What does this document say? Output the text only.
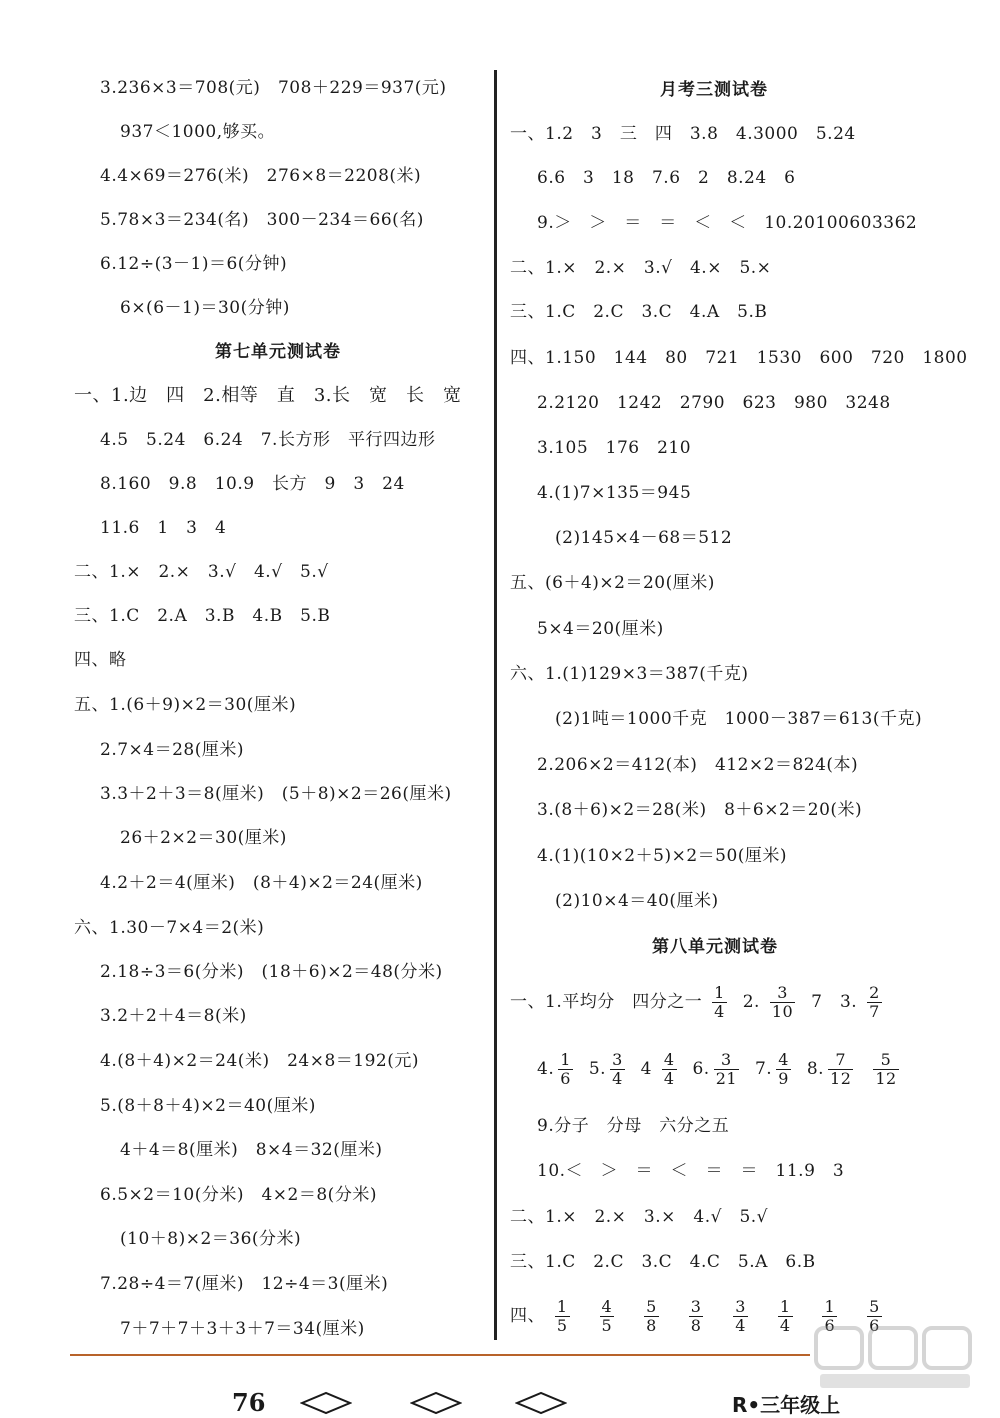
3.236×3＝708(元)　708＋229＝937(元)
937＜1000,够买。
4.4×69＝276(米)　276×8＝2208(米)
5.78×3＝234(名)　300－234＝66(名)
6.12÷(3－1)＝6(分钟)
6×(6－1)＝30(分钟)
第七单元测试卷
一、1.边　四　2.相等　直　3.长　宽　长　宽
4.5　5.24　6.24　7.长方形　平行四边形
8.160　9.8　10.9　长方　9　3　24
11.6　1　3　4
二、1.×　2.×　3.√　4.√　5.√
三、1.C　2.A　3.B　4.B　5.B
四、略
五、1.(6＋9)×2＝30(厘米)
2.7×4＝28(厘米)
3.3＋2＋3＝8(厘米)　(5＋8)×2＝26(厘米)
26＋2×2＝30(厘米)
4.2＋2＝4(厘米)　(8＋4)×2＝24(厘米)
六、1.30－7×4＝2(米)
2.18÷3＝6(分米)　(18＋6)×2＝48(分米)
3.2＋2＋4＝8(米)
4.(8＋4)×2＝24(米)　24×8＝192(元)
5.(8＋8＋4)×2＝40(厘米)
4＋4＝8(厘米)　8×4＝32(厘米)
6.5×2＝10(分米)　4×2＝8(分米)
(10＋8)×2＝36(分米)
7.28÷4＝7(厘米)　12÷4＝3(厘米)
7＋7＋7＋3＋3＋7＝34(厘米)
月考三测试卷
一、1.2　3　三　四　3.8　4.3000　5.24
6.6　3　18　7.6　2　8.24　6
9.＞　＞　＝　＝　＜　＜　10.20100603362
二、1.×　2.×　3.√　4.×　5.×
三、1.C　2.C　3.C　4.A　5.B
四、1.150　144　80　721　1530　600　720　1800
2.2120　1242　2790　623　980　3248
3.105　176　210
4.(1)7×135＝945
(2)145×4－68＝512
五、(6＋4)×2＝20(厘米)
5×4＝20(厘米)
六、1.(1)129×3＝387(千克)
(2)1吨＝1000千克　1000－387＝613(千克)
2.206×2＝412(本)　412×2＝824(本)
3.(8＋6)×2＝28(米)　8＋6×2＝20(米)
4.(1)(10×2＋5)×2＝50(厘米)
(2)10×4＝40(厘米)
第八单元测试卷
一、1.平均分　四分之一 $\frac{1}{4} 2$. $\frac{3}{10} 7$　3. $\frac{2}{7}$
4. $\frac{1}{6} 5$. $\frac{3}{4} 4 \frac{4}{4} 6$. $\frac{3}{21} 7$. $\frac{4}{9} 8$. $\frac{7}{12}$
$\frac{5}{12}$
9.分子　分母　六分之五
10.＜　＞　＝　＜　＝　＝　11.9　3
二、1.×　2.×　3.×　4.√　5.√
三、1.C　2.C　3.C　4.C　5.A　6.B
四、 $\frac{1}{5}$
$\frac{4}{5}$
$\frac{5}{8}$
$\frac{3}{8}$
$\frac{3}{4}$
$\frac{1}{4}$
$\frac{1}{6}$
$\frac{5}{6}$
76	R•三年级上
